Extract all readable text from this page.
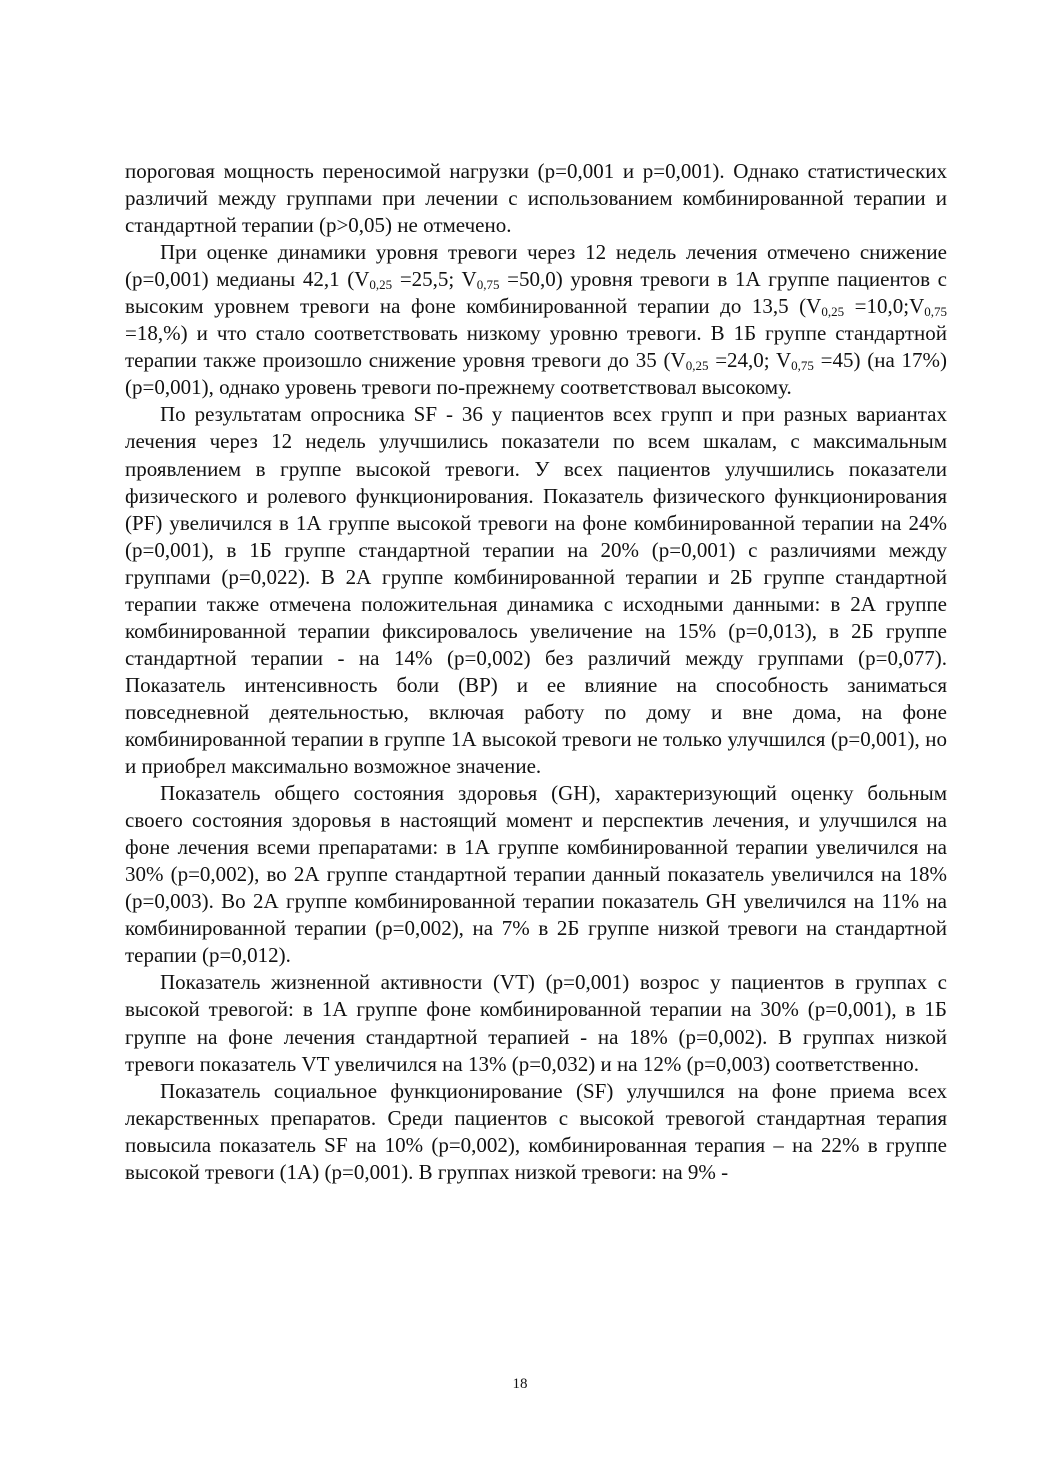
пороговая мощность переносимой нагрузки (р=0,001 и р=0,001). Однако статистических различий между группами при лечении с использованием комбинированной терапии и стандартной терапии (р>0,05) не отмечено.

При оценке динамики уровня тревоги через 12 недель лечения отмечено снижение (р=0,001) медианы 42,1 ($V_{0,25} =25,5$; $V_{0,75} =50,0$) уровня тревоги в 1А группе пациентов с высоким уровнем тревоги на фоне комбинированной терапии до 13,5 ($V_{0,25}$ $=10,0;V_{0,75} =18,\%$) и что стало соответствовать низкому уровню тревоги. В 1Б группе стандартной терапии также произошло снижение уровня тревоги до 35 ($V_{0,25} =24,0$; $V_{0,75} =45$) (на 17%) (р=0,001), однако уровень тревоги по-прежнему соответствовал высокому.

По результатам опросника SF - 36 у пациентов всех групп и при разных вариантах лечения через 12 недель улучшились показатели по всем шкалам, с максимальным проявлением в группе высокой тревоги. У всех пациентов улучшились показатели физического и ролевого функционирования. Показатель физического функционирования (PF) увеличился в 1А группе высокой тревоги на фоне комбинированной терапии на 24% (р=0,001), в 1Б группе стандартной терапии на 20% (р=0,001) с различиями между группами (р=0,022). В 2А группе комбинированной терапии и 2Б группе стандартной терапии также отмечена положительная динамика с исходными данными: в 2А группе комбинированной терапии фиксировалось увеличение на 15% (р=0,013), в 2Б группе стандартной терапии - на 14% (р=0,002) без различий между группами (р=0,077). Показатель интенсивность боли (ВР) и ее влияние на способность заниматься повседневной деятельностью, включая работу по дому и вне дома, на фоне комбинированной терапии в группе 1А высокой тревоги не только улучшился (р=0,001), но и приобрел максимально возможное значение.

Показатель общего состояния здоровья (GH), характеризующий оценку больным своего состояния здоровья в настоящий момент и перспектив лечения, и улучшился на фоне лечения всеми препаратами: в 1А группе комбинированной терапии увеличился на 30% (р=0,002), во 2А группе стандартной терапии данный показатель увеличился на 18% (р=0,003). Во 2А группе комбинированной терапии показатель GH увеличился на 11% на комбинированной терапии (р=0,002), на 7% в 2Б группе низкой тревоги на стандартной терапии (р=0,012).

Показатель жизненной активности (VT) (р=0,001) возрос у пациентов в группах с высокой тревогой: в 1А группе фоне комбинированной терапии на 30% (р=0,001), в 1Б группе на фоне лечения стандартной терапией - на 18% (р=0,002). В группах низкой тревоги показатель VT увеличился на 13% (р=0,032) и на 12% (р=0,003) соответственно.

Показатель социальное функционирование (SF) улучшился на фоне приема всех лекарственных препаратов. Среди пациентов с высокой тревогой стандартная терапия повысила показатель SF на 10% (р=0,002), комбинированная терапия – на 22% в группе высокой тревоги (1А) (р=0,001). В группах низкой тревоги: на 9% -

18
